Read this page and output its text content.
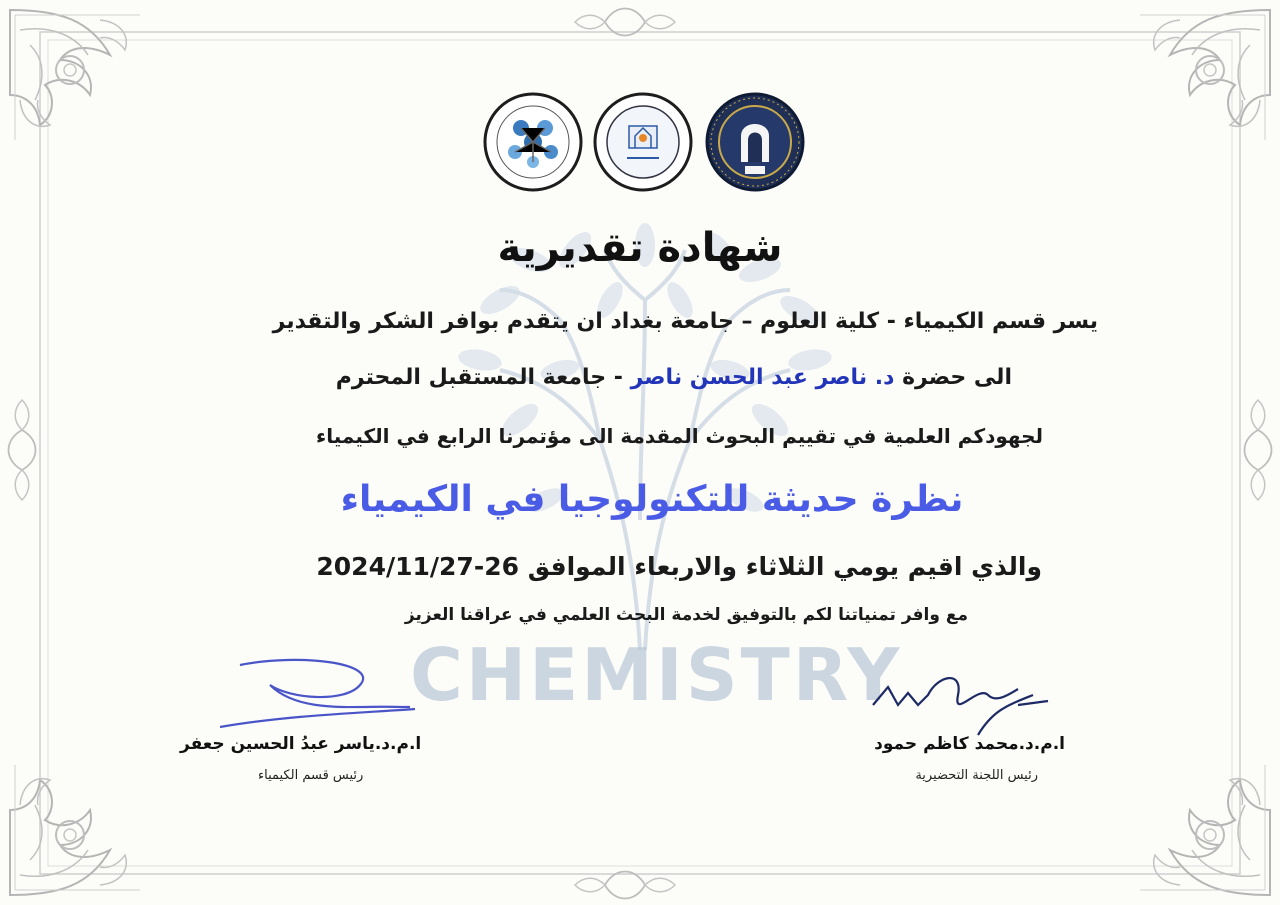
CHEMISTRY
شهادة تقديرية
يسر قسم الكيمياء - كلية العلوم – جامعة بغداد ان يتقدم بوافر الشكر والتقدير
الى حضرة د. ناصر عبد الحسن ناصر - جامعة المستقبل المحترم
لجهودكم العلمية في تقييم البحوث المقدمة الى مؤتمرنا الرابع في الكيمياء
نظرة حديثة للتكنولوجيا في الكيمياء
والذي اقيم يومي الثلاثاء والاربعاء الموافق 26-2024/11/27
مع وافر تمنياتنا لكم بالتوفيق لخدمة البحث العلمي في عراقنا العزيز
ا.م.د.محمد كاظم حمود
رئيس اللجنة التحضيرية
ا.م.د.ياسر عبدُ الحسين جعفر
رئيس قسم الكيمياء
